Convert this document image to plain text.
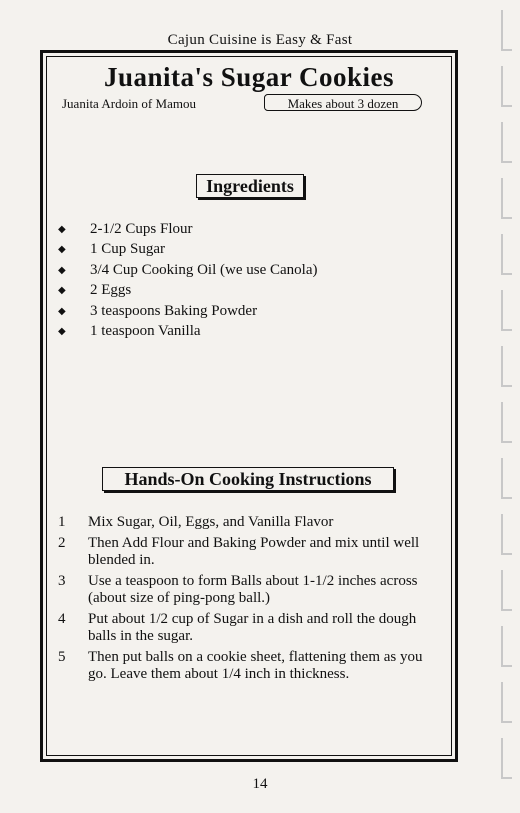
Cajun Cuisine is Easy & Fast
Juanita's Sugar Cookies
Juanita Ardoin of Mamou	Makes about 3 dozen
Ingredients
◆ 2-1/2 Cups Flour
◆ 1 Cup Sugar
◆ 3/4 Cup Cooking Oil (we use Canola)
◆ 2 Eggs
◆ 3 teaspoons Baking Powder
◆ 1 teaspoon Vanilla
Hands-On Cooking Instructions
1 Mix Sugar, Oil, Eggs, and Vanilla Flavor
2 Then Add Flour and Baking Powder and mix until well blended in.
3 Use a teaspoon to form Balls about 1-1/2 inches across (about size of ping-pong ball.)
4 Put about 1/2 cup of Sugar in a dish and roll the dough balls in the sugar.
5 Then put balls on a cookie sheet, flattening them as you go. Leave them about 1/4 inch in thickness.
14
